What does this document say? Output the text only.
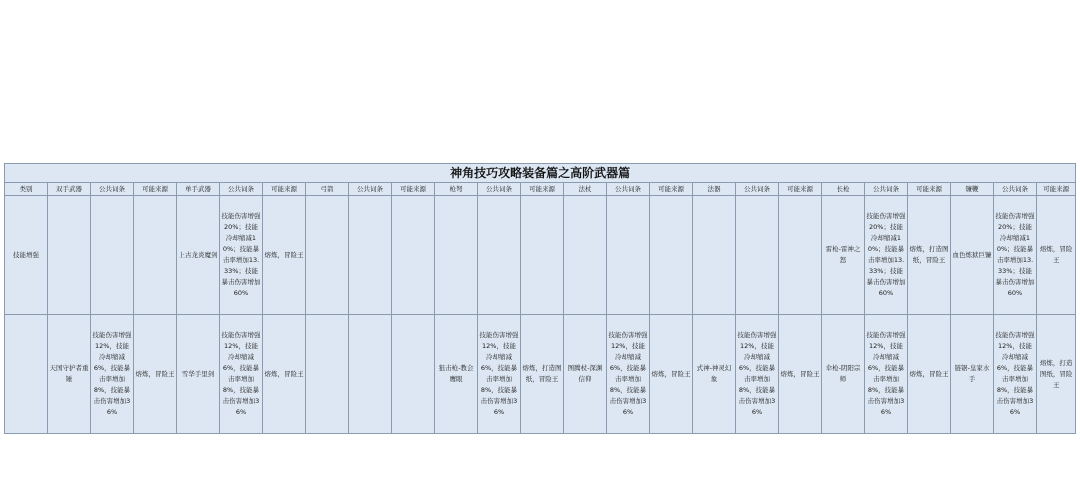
神角技巧攻略装备篇之高阶武器篇																								
类别	双手武器	公共词条	可能来源	单手武器	公共词条	可能来源	弓箭	公共词条	可能来源	枪弩	公共词条	可能来源	法杖	公共词条	可能来源	法器	公共词条	可能来源	长枪	公共词条	可能来源	镰鞭	公共词条	可能来源
技能增强				上古龙炎魔剑	技能伤害增强20%；技能冷却缩减10%；技能暴击率增加13.33%；技能暴击伤害增加60%	熔炼，冒险王													雷枪-雷神之怒	技能伤害增强20%；技能冷却缩减10%；技能暴击率增加13.33%；技能暴击伤害增加60%	熔炼，打造图纸，冒险王	血色炼狱巨镰	技能伤害增强20%；技能冷却缩减10%；技能暴击率增加13.33%；技能暴击伤害增加60%	熔炼，冒险王
	天国守护者重锤	技能伤害增强12%，技能冷却缩减6%，技能暴击率增加8%，技能暴击伤害增加36%	熔炼，冒险王	雪华手里剑	技能伤害增强12%，技能冷却缩减6%，技能暴击率增加8%，技能暴击伤害增加36%	熔炼，冒险王				狙击枪-教会鹰眼	技能伤害增强12%，技能冷却缩减6%，技能暴击率增加8%，技能暴击伤害增加36%	熔炼，打造图纸，冒险王	图腾杖-深渊信仰	技能伤害增强12%，技能冷却缩减6%，技能暴击率增加8%，技能暴击伤害增加36%	熔炼，冒险王	式神-神灵幻象	技能伤害增强12%，技能冷却缩减6%，技能暴击率增加8%，技能暴击伤害增加36%	熔炼，冒险王	伞枪-阴阳宗师	技能伤害增强12%，技能冷却缩减6%，技能暴击率增加8%，技能暴击伤害增加36%	熔炼，冒险王	链锯-皇家水手	技能伤害增强12%，技能冷却缩减6%，技能暴击率增加8%，技能暴击伤害增加36%	熔炼，打造图纸，冒险王
